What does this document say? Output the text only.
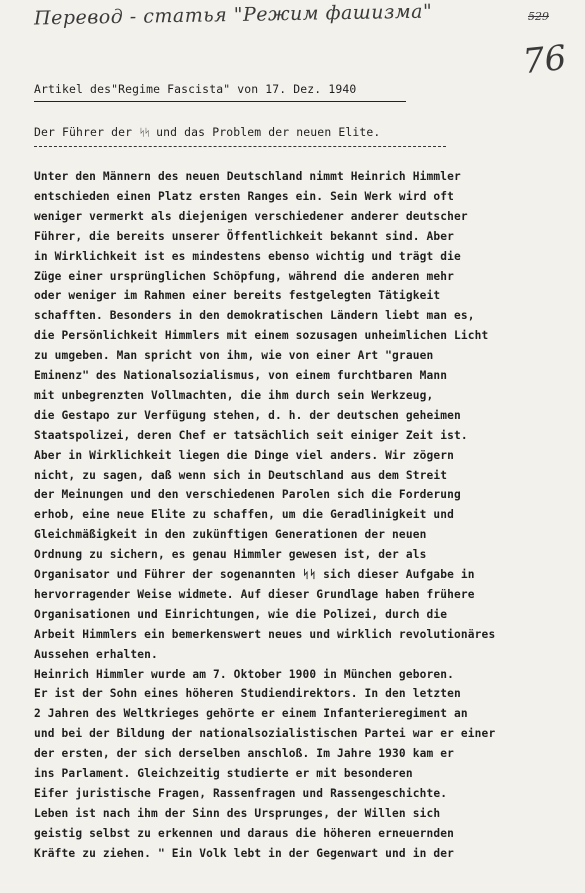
Перевод - статья "Режим фашизма"	529
76
Artikel des"Regime Fascista" von 17. Dez. 1940
Der Führer der ᛋᛋ und das Problem der neuen Elite.
Unter den Männern des neuen Deutschland nimmt Heinrich Himmler
entschieden einen Platz ersten Ranges ein. Sein Werk wird oft
weniger vermerkt als diejenigen verschiedener anderer deutscher
Führer, die bereits unserer Öffentlichkeit bekannt sind. Aber
in Wirklichkeit ist es mindestens ebenso wichtig und trägt die
Züge einer ursprünglichen Schöpfung, während die anderen mehr
oder weniger im Rahmen einer bereits festgelegten Tätigkeit
schafften. Besonders in den demokratischen Ländern liebt man es,
die Persönlichkeit Himmlers mit einem sozusagen unheimlichen Licht
zu umgeben. Man spricht von ihm, wie von einer Art "grauen
Eminenz" des Nationalsozialismus, von einem furchtbaren Mann
mit unbegrenzten Vollmachten, die ihm durch sein Werkzeug,
die Gestapo zur Verfügung stehen, d. h. der deutschen geheimen
Staatspolizei, deren Chef er tatsächlich seit einiger Zeit ist.
Aber in Wirklichkeit liegen die Dinge viel anders. Wir zögern
nicht, zu sagen, daß wenn sich in Deutschland aus dem Streit
der Meinungen und den verschiedenen Parolen sich die Forderung
erhob, eine neue Elite zu schaffen, um die Geradlinigkeit und
Gleichmäßigkeit in den zukünftigen Generationen der neuen
Ordnung zu sichern, es genau Himmler gewesen ist, der als
Organisator und Führer der sogenannten ᛋᛋ sich dieser Aufgabe in
hervorragender Weise widmete. Auf dieser Grundlage haben frühere
Organisationen und Einrichtungen, wie die Polizei, durch die
Arbeit Himmlers ein bemerkenswert neues und wirklich revolutionäres
Aussehen erhalten.
Heinrich Himmler wurde am 7. Oktober 1900 in München geboren.
Er ist der Sohn eines höheren Studiendirektors. In den letzten
2 Jahren des Weltkrieges gehörte er einem Infanterieregiment an
und bei der Bildung der nationalsozialistischen Partei war er einer
der ersten, der sich derselben anschloß. Im Jahre 1930 kam er
ins Parlament. Gleichzeitig studierte er mit besonderen
Eifer juristische Fragen, Rassenfragen und Rassengeschichte.
Leben ist nach ihm der Sinn des Ursprunges, der Willen sich
geistig selbst zu erkennen und daraus die höheren erneuernden
Kräfte zu ziehen. " Ein Volk lebt in der Gegenwart und in der
